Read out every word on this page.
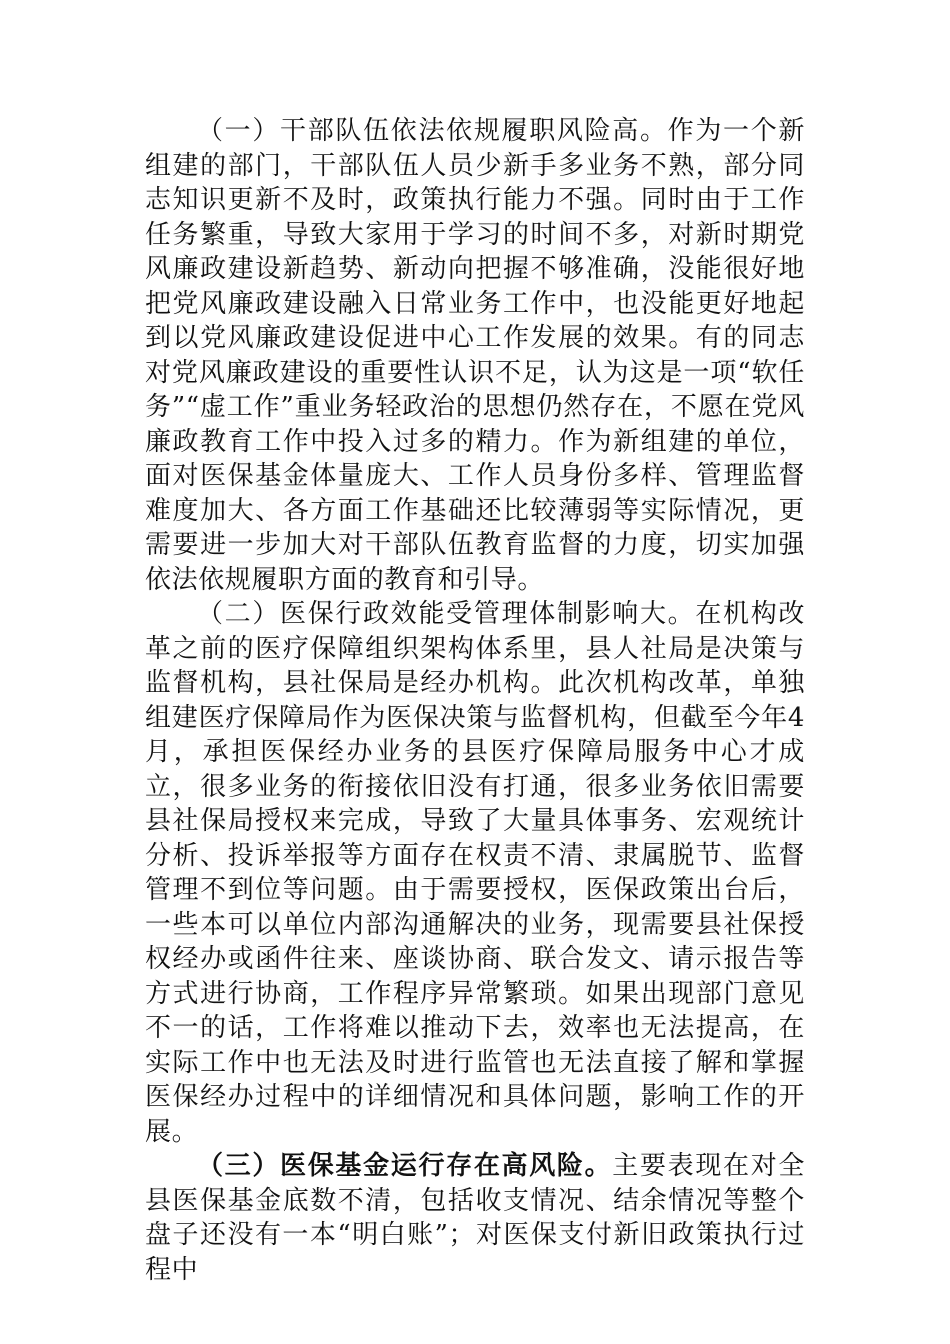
（一）干部队伍依法依规履职风险高。作为一个新组建的部门，干部队伍人员少新手多业务不熟，部分同志知识更新不及时，政策执行能力不强。同时由于工作任务繁重，导致大家用于学习的时间不多，对新时期党风廉政建设新趋势、新动向把握不够准确，没能很好地把党风廉政建设融入日常业务工作中，也没能更好地起到以党风廉政建设促进中心工作发展的效果。有的同志对党风廉政建设的重要性认识不足，认为这是一项“软任务”“虚工作”重业务轻政治的思想仍然存在，不愿在党风廉政教育工作中投入过多的精力。作为新组建的单位，面对医保基金体量庞大、工作人员身份多样、管理监督难度加大、各方面工作基础还比较薄弱等实际情况，更需要进一步加大对干部队伍教育监督的力度，切实加强依法依规履职方面的教育和引导。

（二）医保行政效能受管理体制影响大。在机构改革之前的医疗保障组织架构体系里，县人社局是决策与监督机构，县社保局是经办机构。此次机构改革，单独组建医疗保障局作为医保决策与监督机构，但截至今年4月，承担医保经办业务的县医疗保障局服务中心才成立，很多业务的衔接依旧没有打通，很多业务依旧需要县社保局授权来完成，导致了大量具体事务、宏观统计分析、投诉举报等方面存在权责不清、隶属脱节、监督管理不到位等问题。由于需要授权，医保政策出台后，一些本可以单位内部沟通解决的业务，现需要县社保授权经办或函件往来、座谈协商、联合发文、请示报告等方式进行协商，工作程序异常繁琐。如果出现部门意见不一的话，工作将难以推动下去，效率也无法提高，在实际工作中也无法及时进行监管也无法直接了解和掌握医保经办过程中的详细情况和具体问题，影响工作的开展。

（三）医保基金运行存在高风险。主要表现在对全县医保基金底数不清，包括收支情况、结余情况等整个盘子还没有一本“明白账”；对医保支付新旧政策执行过程中
